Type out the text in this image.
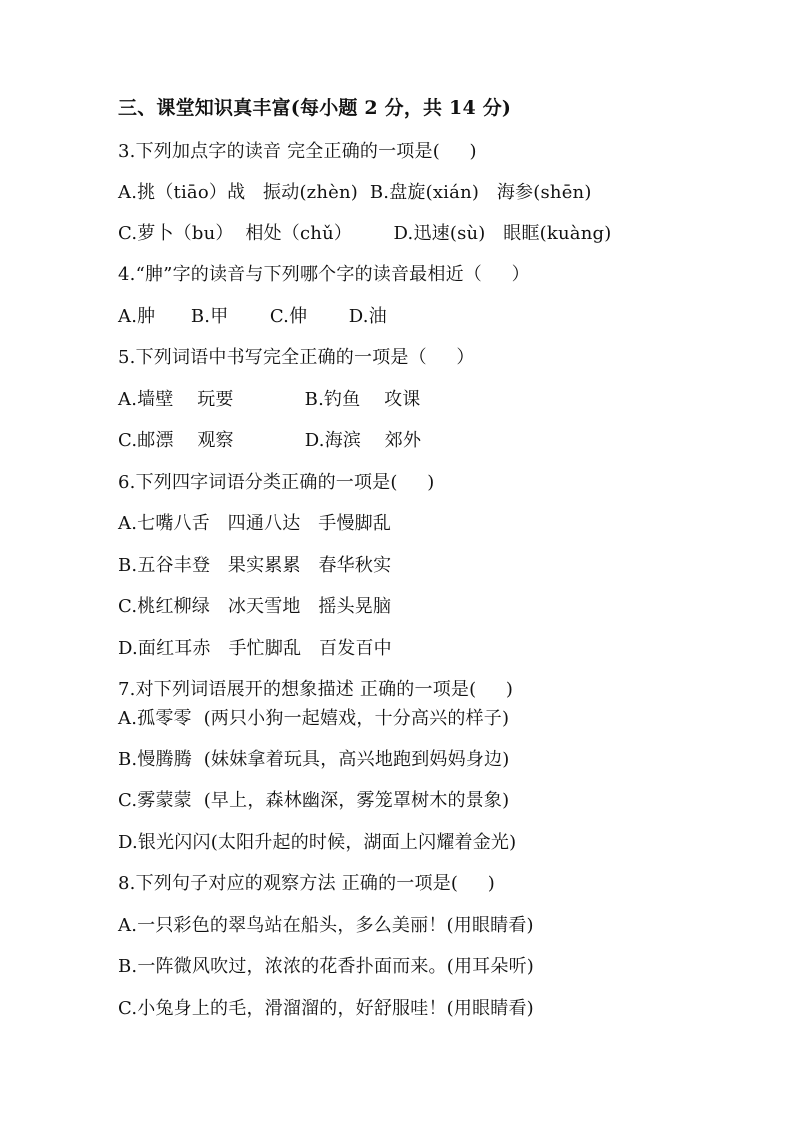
三、课堂知识真丰富(每小题 2 分，共 14 分)
3.下列加点字的读音 完全正确的一项是(     )
A.挑（tiāo）战   振动(zhèn)  B.盘旋(xián)   海参(shēn)
C.萝卜（bu）  相处（chǔ）       D.迅速(sù)   眼眶(kuàng)
4.“胂”字的读音与下列哪个字的读音最相近（     ）
A.肿      B.甲       C.伸       D.油
5.下列词语中书写完全正确的一项是（     ）
A.墙壁    玩要            B.钓鱼    攻课
C.邮漂    观察            D.海滨    郊外
6.下列四字词语分类正确的一项是(     )
A.七嘴八舌   四通八达   手慢脚乱
B.五谷丰登   果实累累   春华秋实
C.桃红柳绿   冰天雪地   摇头晃脑
D.面红耳赤   手忙脚乱   百发百中
7.对下列词语展开的想象描述 正确的一项是(     )
A.孤零零  (两只小狗一起嬉戏，十分高兴的样子)
B.慢腾腾  (妹妹拿着玩具，高兴地跑到妈妈身边)
C.雾蒙蒙  (早上，森林幽深，雾笼罩树木的景象)
D.银光闪闪(太阳升起的时候，湖面上闪耀着金光)
8.下列句子对应的观察方法 正确的一项是(     )
A.一只彩色的翠鸟站在船头，多么美丽！(用眼睛看)
B.一阵微风吹过，浓浓的花香扑面而来。(用耳朵听)
C.小兔身上的毛，滑溜溜的，好舒服哇！(用眼睛看)
